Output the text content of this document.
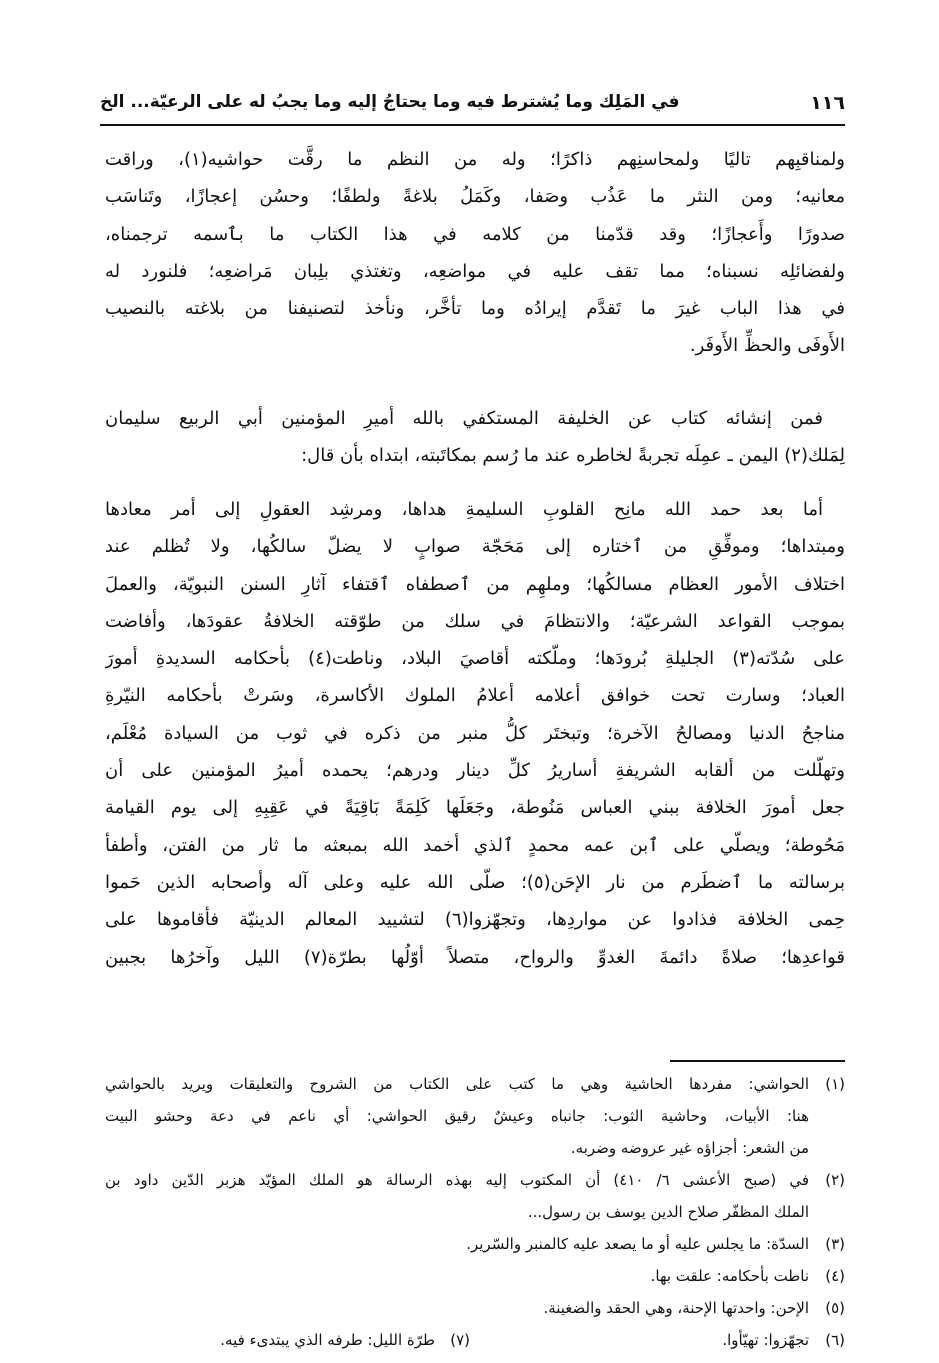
١١٦
في المَلِك وما يُشترط فيه وما يحتاجُ إليه وما يجبُ له على الرعيّة... الخ
ولمناقبِهم تاليًا ولمحاسنِهم ذاكرًا؛ وله من النظم ما رقَّت حواشيه(١)، وراقت
معانيه؛ ومن النثر ما عَذُب وصَفا، وكَمَلُ بلاغةً ولطفًا؛ وحسُن إعجازًا، وتَناسَب
صدورًا وأَعجازًا؛ وقد قدّمنا من كلامه في هذا الكتاب ما بٱسمه ترجمناه،
ولفضائلِه نسبناه؛ مما تقف عليه في مواضعِه، وتغتذي بلِبان مَراضعِه؛ فلنورد له
في هذا الباب غيرَ ما تَقدَّم إيرادُه وما تأخَّر، ونأخذ لتصنيفنا من بلاغته بالنصيب
الأَوفَى والحظِّ الأَوفَر.
فمن إنشائه كتاب عن الخليفة المستكفي بالله أميرِ المؤمنين أبي الربيع سليمان
لِمَلك(٢) اليمن ـ عمِلَه تجربةً لخاطره عند ما رُسم بمكاتَبته، ابتداه بأن قال:
أما بعد حمد الله مانِح القلوبِ السليمةِ هداها، ومرشِد العقولِ إلى أمر معادها
ومبتداها؛ وموفِّقِ من ٱختاره إلى مَحَجّة صوابٍ لا يضلّ سالكُها، ولا تُظلم عند
اختلاف الأمور العظام مسالكُها؛ وملهِم من ٱصطفاه ٱقتفاء آثارِ السنن النبويّة، والعملَ
بموجب القواعد الشرعيّة؛ والانتظامَ في سلك من طوّقته الخلافةُ عقودَها، وأفاضت
على سُدّته(٣) الجليلةِ بُرودَها؛ وملّكته أقاصيَ البلاد، وناطت(٤) بأحكامه السديدةِ أمورَ
العباد؛ وسارت تحت خوافق أعلامه أعلامُ الملوك الأكاسرة، وسَرتْ بأحكامه النيّرةِ
مناجحُ الدنيا ومصالحُ الآخرة؛ وتبختَر كلُّ منبر من ذكره في ثوب من السيادة مُعْلَم،
وتهلّلت من ألقابه الشريفةِ أساريرُ كلِّ دينار ودرهم؛ يحمده أميرُ المؤمنين على أن
جعل أمورَ الخلافة ببني العباس مَنُوطة، وجَعَلَها كَلِمَةً بَاقِيَةً في عَقِبِهِ إلى يوم القيامة
مَحُوطة؛ ويصلّي على ٱبن عمه محمدٍ ٱلذي أخمد الله بمبعثه ما ثار من الفتن، وأطفأ
برسالته ما ٱضطَرم من نار الإحَن(٥)؛ صلّى الله عليه وعلى آله وأصحابه الذين حَموا
حِمى الخلافة فذادوا عن مواردِها، وتجهّزوا(٦) لتشييد المعالم الدينيّة فأقاموها على
قواعدِها؛ صلاةً دائمةَ الغدوِّ والرواح، متصلاً أوّلُها بطرّة(٧) الليل وآخرُها بجبين
(١)
الحواشي: مفردها الحاشية وهي ما كتب على الكتاب من الشروح والتعليقات ويريد بالحواشي
هنا: الأبيات، وحاشية الثوب: جانباه وعيشٌ رقيق الحواشي: أي ناعم في دعة وحشو البيت
من الشعر: أجزاؤه غير عروضه وضربه.
(٢)
في (صبح الأعشى ٦/ ٤١٠) أن المكتوب إليه بهذه الرسالة هو الملك المؤيّد هزبر الدّين داود بن
الملك المظفّر صلاح الدين يوسف بن رسول...
(٣)
السدّة: ما يجلس عليه أو ما يصعد عليه كالمنبر والسّرير.
(٤)
ناطت بأحكامه: علقت بها.
(٥)
الإحن: واحدتها الإحنة، وهي الحقد والضغينة.
(٦)
تجهّزوا: تهيّأوا.
(٧)
طرّة الليل: طرفه الذي يبتدىء فيه.
